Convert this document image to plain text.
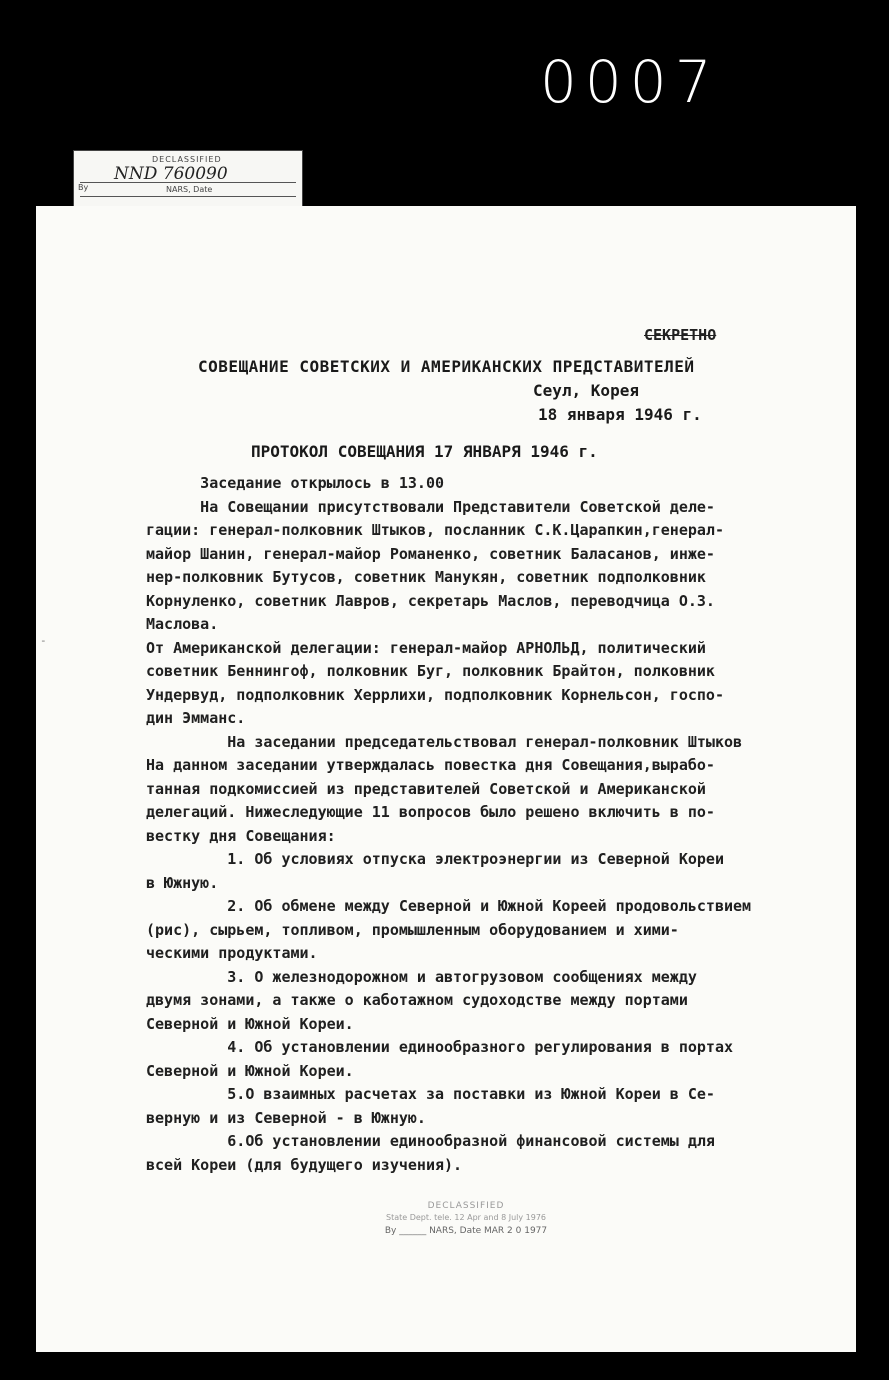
0007
DECLASSIFIED
NND 760090
By	NARS, Date
СЕКРЕТНО
СОВЕЩАНИЕ СОВЕТСКИХ И АМЕРИКАНСКИХ ПРЕДСТАВИТЕЛЕЙ
Сеул, Корея
18 января 1946 г.
ПРОТОКОЛ СОВЕЩАНИЯ 17 ЯНВАРЯ 1946 г.
-
Заседание открылось в 13.00
На Совещании присутствовали Представители Советской деле-
гации: генерал-полковник Штыков, посланник С.К.Царапкин,генерал-
майор Шанин, генерал-майор Романенко, советник Баласанов, инже-
нер-полковник Бутусов, советник Манукян, советник подполковник
Корнуленко, советник Лавров, секретарь Маслов, переводчица О.З.
Маслова.
От Американской делегации: генерал-майор АРНОЛЬД, политический
советник Беннингоф, полковник Буг, полковник Брайтон, полковник
Ундервуд, подполковник Херрлихи, подполковник Корнельсон, госпо-
дин Эмманс.
На заседании председательствовал генерал-полковник Штыков
На данном заседании утверждалась повестка дня Совещания,вырабо-
танная подкомиссией из представителей Советской и Американской
делегаций. Нижеследующие 11 вопросов было решено включить в по-
вестку дня Совещания:
1. Об условиях отпуска электроэнергии из Северной Кореи
в Южную.
2. Об обмене между Северной и Южной Кореей продовольствием
(рис), сырьем, топливом, промышленным оборудованием и хими-
ческими продуктами.
3. О железнодорожном и автогрузовом сообщениях между
двумя зонами, а также о каботажном судоходстве между портами
Северной и Южной Кореи.
4. Об установлении единообразного регулирования в портах
Северной и Южной Кореи.
5.О взаимных расчетах за поставки из Южной Кореи в Се-
верную и из Северной - в Южную.
6.Об установлении единообразной финансовой системы для
всей Кореи (для будущего изучения).
DECLASSIFIED
State Dept. tele. 12 Apr and 8 July 1976
By ______ NARS, Date MAR 2 0 1977
